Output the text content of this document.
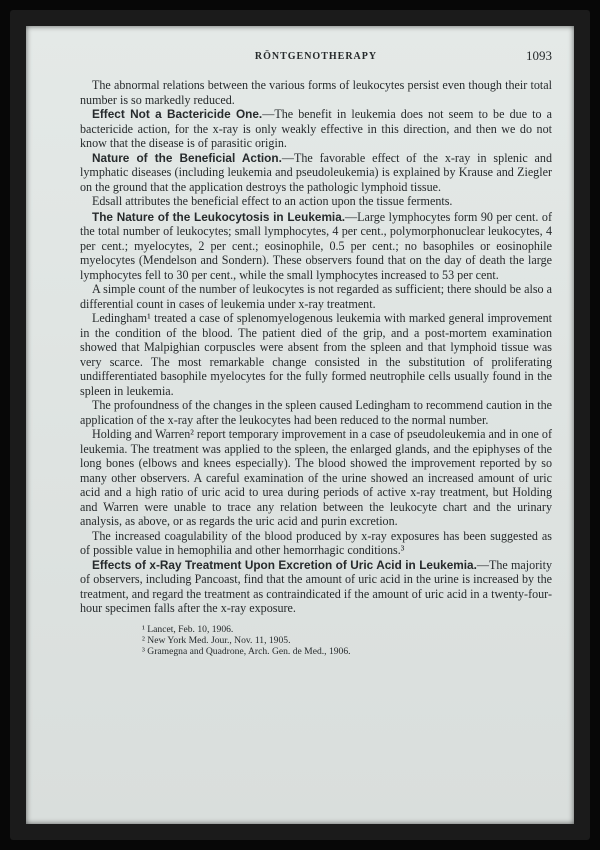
RÖNTGENOTHERAPY	1093

The abnormal relations between the various forms of leukocytes persist even though their total number is so markedly reduced.

Effect Not a Bactericide One.—The benefit in leukemia does not seem to be due to a bactericide action, for the x-ray is only weakly effective in this direction, and then we do not know that the disease is of parasitic origin.

Nature of the Beneficial Action.—The favorable effect of the x-ray in splenic and lymphatic diseases (including leukemia and pseudoleukemia) is explained by Krause and Ziegler on the ground that the application destroys the pathologic lymphoid tissue.

Edsall attributes the beneficial effect to an action upon the tissue ferments.

The Nature of the Leukocytosis in Leukemia.—Large lymphocytes form 90 per cent. of the total number of leukocytes; small lymphocytes, 4 per cent., polymorphonuclear leukocytes, 4 per cent.; myelocytes, 2 per cent.; eosinophile, 0.5 per cent.; no basophiles or eosinophile myelocytes (Mendelson and Sondern). These observers found that on the day of death the large lymphocytes fell to 30 per cent., while the small lymphocytes increased to 53 per cent.

A simple count of the number of leukocytes is not regarded as sufficient; there should be also a differential count in cases of leukemia under x-ray treatment.

Ledingham¹ treated a case of splenomyelogenous leukemia with marked general improvement in the condition of the blood. The patient died of the grip, and a post-mortem examination showed that Malpighian corpuscles were absent from the spleen and that lymphoid tissue was very scarce. The most remarkable change consisted in the substitution of proliferating undifferentiated basophile myelocytes for the fully formed neutrophile cells usually found in the spleen in leukemia.

The profoundness of the changes in the spleen caused Ledingham to recommend caution in the application of the x-ray after the leukocytes had been reduced to the normal number.

Holding and Warren² report temporary improvement in a case of pseudoleukemia and in one of leukemia. The treatment was applied to the spleen, the enlarged glands, and the epiphyses of the long bones (elbows and knees especially). The blood showed the improvement reported by so many other observers. A careful examination of the urine showed an increased amount of uric acid and a high ratio of uric acid to urea during periods of active x-ray treatment, but Holding and Warren were unable to trace any relation between the leukocyte chart and the urinary analysis, as above, or as regards the uric acid and purin excretion.

The increased coagulability of the blood produced by x-ray exposures has been suggested as of possible value in hemophilia and other hemorrhagic conditions.³

Effects of x-Ray Treatment Upon Excretion of Uric Acid in Leukemia.—The majority of observers, including Pancoast, find that the amount of uric acid in the urine is increased by the treatment, and regard the treatment as contraindicated if the amount of uric acid in a twenty-four-hour specimen falls after the x-ray exposure.

¹ Lancet, Feb. 10, 1906.
² New York Med. Jour., Nov. 11, 1905.
³ Gramegna and Quadrone, Arch. Gen. de Med., 1906.
